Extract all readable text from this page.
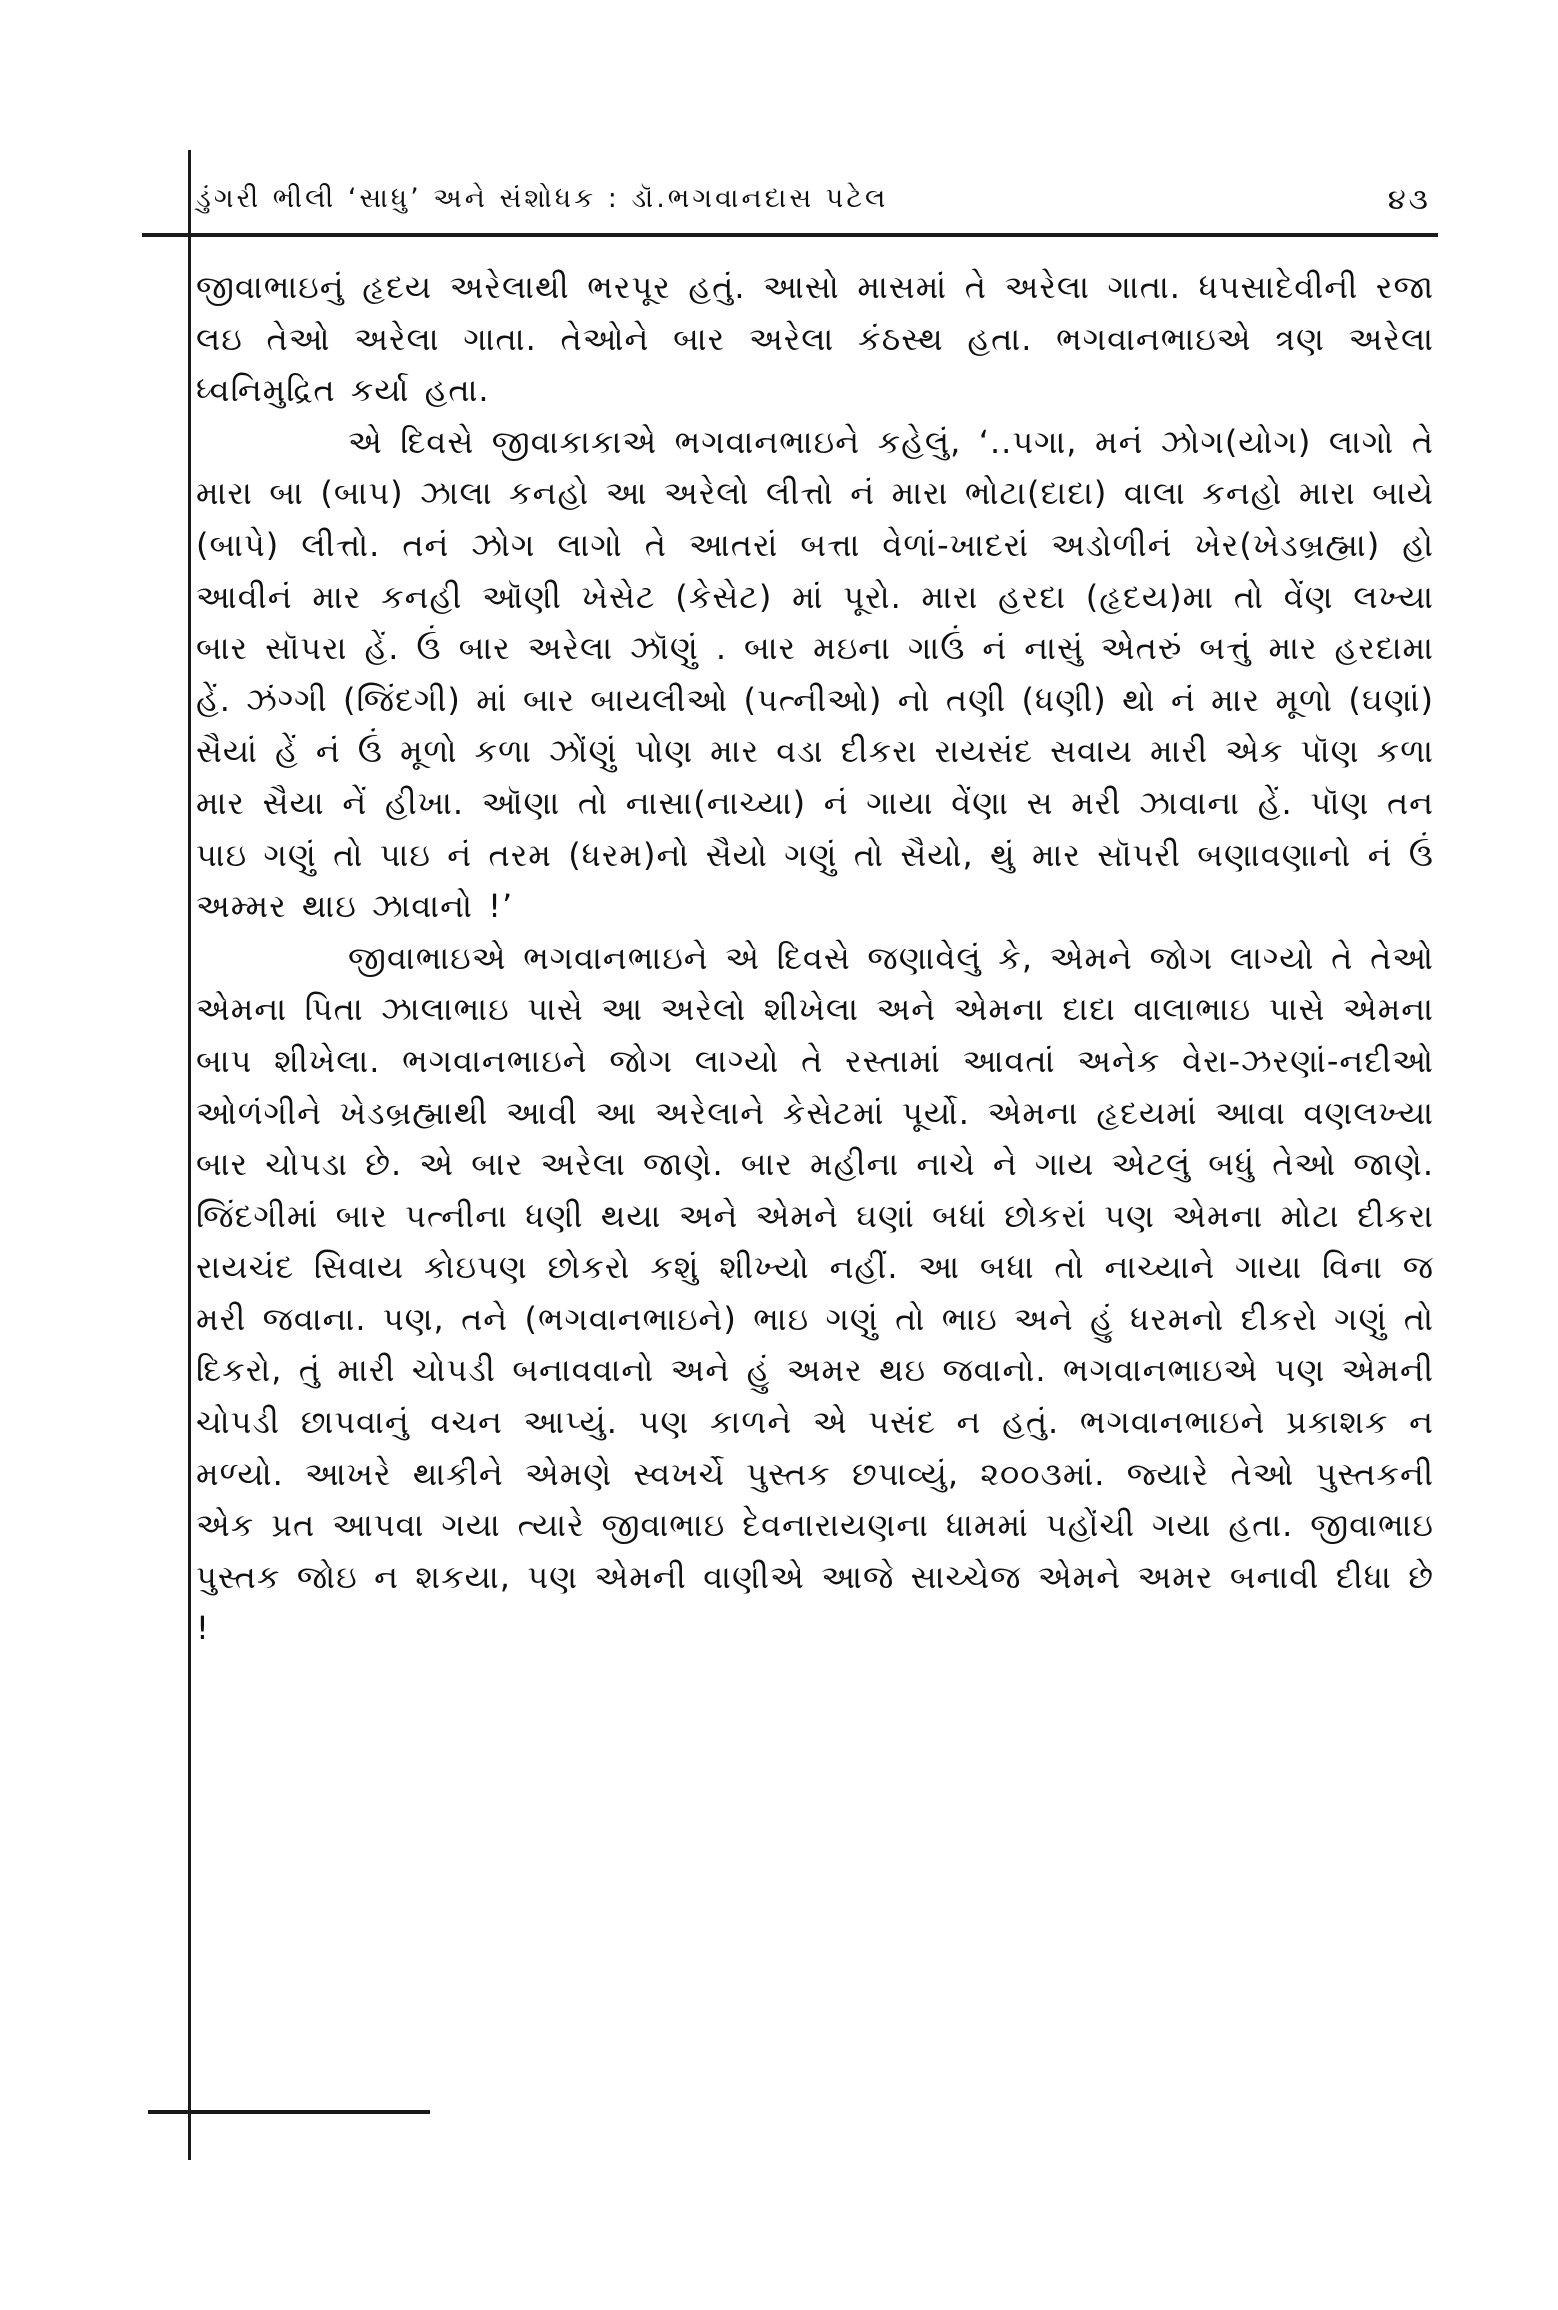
ડુંગરી ભીલી ‘સાધુ’ અને સંશોધક : ડૉ.ભગવાનદાસ પટેલ	૪૩

જીવાભાઇનું હૃદય અરેલાથી ભરપૂર હતું. આસો માસમાં તે અરેલા ગાતા. ધપસાદેવીની રજા લઇ તેઓ અરેલા ગાતા. તેઓને બાર અરેલા કંઠસ્થ હતા. ભગવાનભાઇએ ત્રણ અરેલા ધ્વનિમુદ્રિત કર્યા હતા.

એ દિવસે જીવાકાકાએ ભગવાનભાઇને કહેલું, ‘..પગા, મનં ઝોગ(યોગ) લાગો તે મારા બા (બાપ) ઝાલા કનહો આ અરેલો લીત્તો નં મારા ભોટા(દાદા) વાલા કનહો મારા બાયે (બાપે) લીત્તો. તનં ઝોગ લાગો તે આતરાં બત્તા વેળાં-ખાદરાં અડોળીનં ખેર(ખેડબ્રહ્મા) હો આવીનં માર કનહી ઑણી ખેસેટ (કેસેટ) માં પૂરો. મારા હરદા (હૃદય)મા તો વેંણ લખ્યા બાર સૉપરા હેં. ઉં બાર અરેલા ઝૉણું . બાર મઇના ગાઉં નં નાસું એતરું બત્તું માર હરદામા હેં. ઝંગ્ગી (જિંદગી) માં બાર બાયલીઓ (પત્નીઓ) નો તણી (ધણી) થો નં માર મૂળો (ઘણાં) સૈયાં હેં નં ઉં મૂળો કળા ઝોંણું પોણ માર વડા દીકરા રાયસંદ સવાય મારી એક પૉણ કળા માર સૈયા નેં હીખા. ઑણા તો નાસા(નાચ્યા) નં ગાયા વેંણા સ મરી ઝાવાના હેં. પૉણ તન પાઇ ગણું તો પાઇ નં તરમ (ધરમ)નો સૈયો ગણું તો સૈયો, થું માર સૉપરી બણાવણાનો નં ઉં અમ્મર થાઇ ઝાવાનો !’

જીવાભાઇએ ભગવાનભાઇને એ દિવસે જણાવેલું કે, એમને જોગ લાગ્યો તે તેઓ એમના પિતા ઝાલાભાઇ પાસે આ અરેલો શીખેલા અને એમના દાદા વાલાભાઇ પાસે એમના બાપ શીખેલા. ભગવાનભાઇને જોગ લાગ્યો તે રસ્તામાં આવતાં અનેક વેરા-ઝરણાં-નદીઓ ઓળંગીને ખેડબ્રહ્માથી આવી આ અરેલાને કેસેટમાં પૂર્યો. એમના હૃદયમાં આવા વણલખ્યા બાર ચોપડા છે. એ બાર અરેલા જાણે. બાર મહીના નાચે ને ગાય એટલું બધું તેઓ જાણે. જિંદગીમાં બાર પત્નીના ધણી થયા અને એમને ઘણાં બધાં છોકરાં પણ એમના મોટા દીકરા રાયચંદ સિવાય કોઇપણ છોકરો કશું શીખ્યો નહીં. આ બધા તો નાચ્યાને ગાયા વિના જ મરી જવાના. પણ, તને (ભગવાનભાઇને) ભાઇ ગણું તો ભાઇ અને હું ધરમનો દીકરો ગણું તો દિકરો, તું મારી ચોપડી બનાવવાનો અને હું અમર થઇ જવાનો. ભગવાનભાઇએ પણ એમની ચોપડી છાપવાનું વચન આપ્યું. પણ કાળને એ પસંદ ન હતું. ભગવાનભાઇને પ્રકાશક ન મળ્યો. આખરે થાકીને એમણે સ્વખર્ચે પુસ્તક છપાવ્યું, ૨૦૦૩માં. જ્યારે તેઓ પુસ્તકની એક પ્રત આપવા ગયા ત્યારે જીવાભાઇ દેવનારાયણના ધામમાં પહોંચી ગયા હતા. જીવાભાઇ પુસ્તક જોઇ ન શકયા, પણ એમની વાણીએ આજે સાચ્ચેજ એમને અમર બનાવી દીધા છે !
